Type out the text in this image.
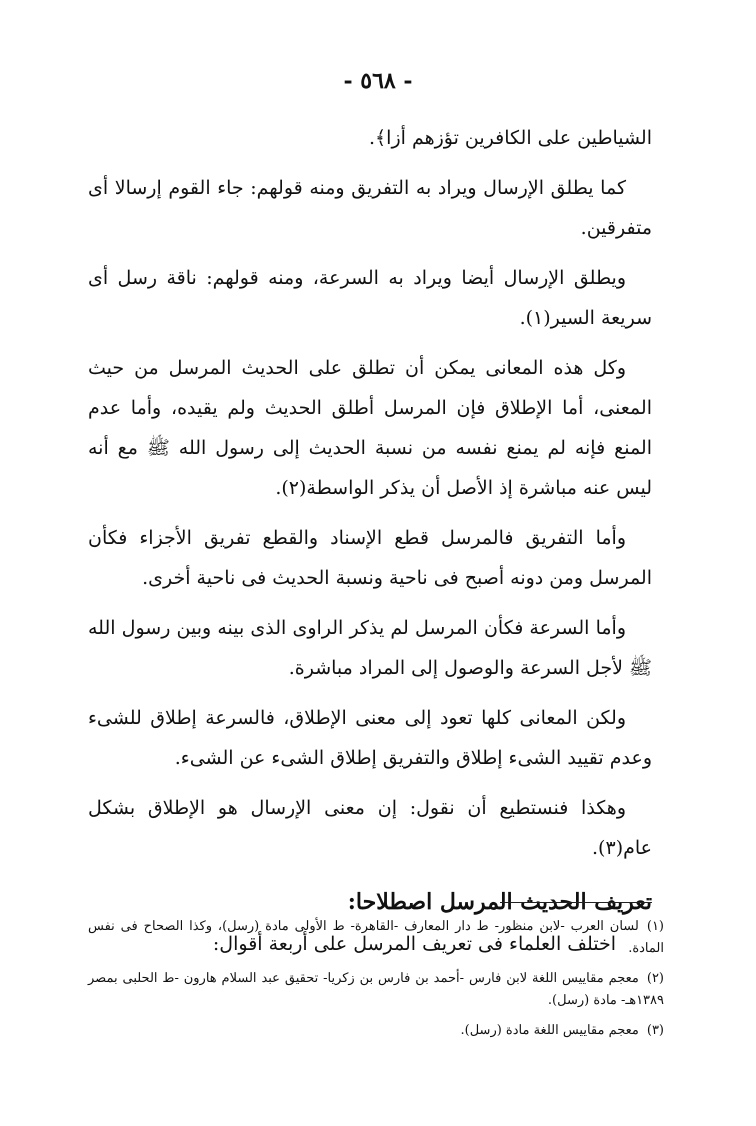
- ٥٦٨ -

الشياطين على الكافرين تؤزهم أزا﴾.

كما يطلق الإرسال ويراد به التفريق ومنه قولهم: جاء القوم إرسالا أى متفرقين.

ويطلق الإرسال أيضا ويراد به السرعة، ومنه قولهم: ناقة رسل أى سريعة السير(١).

وكل هذه المعانى يمكن أن تطلق على الحديث المرسل من حيث المعنى، أما الإطلاق فإن المرسل أطلق الحديث ولم يقيده، وأما عدم المنع فإنه لم يمنع نفسه من نسبة الحديث إلى رسول الله ﷺ مع أنه ليس عنه مباشرة إذ الأصل أن يذكر الواسطة(٢).

وأما التفريق فالمرسل قطع الإسناد والقطع تفريق الأجزاء فكأن المرسل ومن دونه أصبح فى ناحية ونسبة الحديث فى ناحية أخرى.

وأما السرعة فكأن المرسل لم يذكر الراوى الذى بينه وبين رسول الله ﷺ لأجل السرعة والوصول إلى المراد مباشرة.

ولكن المعانى كلها تعود إلى معنى الإطلاق، فالسرعة إطلاق للشىء وعدم تقييد الشىء إطلاق والتفريق إطلاق الشىء عن الشىء.

وهكذا فنستطيع أن نقول: إن معنى الإرسال هو الإطلاق بشكل عام(٣).

تعريف الحديث المرسل اصطلاحا:

اختلف العلماء فى تعريف المرسل على أربعة أقوال:

(١)لسان العرب -لابن منظور- ط دار المعارف -القاهرة- ط الأولى مادة (رسل)، وكذا الصحاح فى نفس المادة.

(٢)معجم مقاييس اللغة لابن فارس -أحمد بن فارس بن زكريا- تحقيق عبد السلام هارون -ط الحلبى بمصر ١٣٨٩هـ- مادة (رسل).

(٣)معجم مقاييس اللغة مادة (رسل).
